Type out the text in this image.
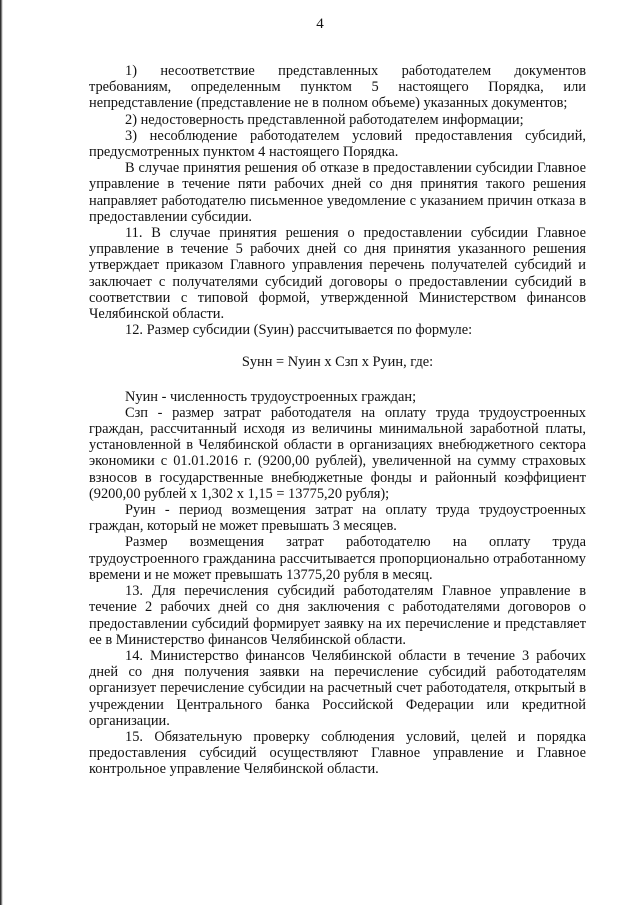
4

1) несоответствие представленных работодателем документов требованиям, определенным пунктом 5 настоящего Порядка, или непредставление (представление не в полном объеме) указанных документов;

2) недостоверность представленной работодателем информации;

3) несоблюдение работодателем условий предоставления субсидий, предусмотренных пунктом 4 настоящего Порядка.

В случае принятия решения об отказе в предоставлении субсидии Главное управление в течение пяти рабочих дней со дня принятия такого решения направляет работодателю письменное уведомление с указанием причин отказа в предоставлении субсидии.

11. В случае принятия решения о предоставлении субсидии Главное управление в течение 5 рабочих дней со дня принятия указанного решения утверждает приказом Главного управления перечень получателей субсидий и заключает с получателями субсидий договоры о предоставлении субсидий в соответствии с типовой формой, утвержденной Министерством финансов Челябинской области.

12. Размер субсидии (Syин) рассчитывается по формуле:

Syнн = Nуин х Сзп х Руин, где:

Nуин - численность трудоустроенных граждан;

Сзп - размер затрат работодателя на оплату труда трудоустроенных граждан, рассчитанный исходя из величины минимальной заработной платы, установленной в Челябинской области в организациях внебюджетного сектора экономики с 01.01.2016 г. (9200,00 рублей), увеличенной на сумму страховых взносов в государственные внебюджетные фонды и районный коэффициент (9200,00 рублей х 1,302 х 1,15 = 13775,20 рубля);

Руин - период возмещения затрат на оплату труда трудоустроенных граждан, который не может превышать 3 месяцев.

Размер возмещения затрат работодателю на оплату труда трудоустроенного гражданина рассчитывается пропорционально отработанному времени и не может превышать 13775,20 рубля в месяц.

13. Для перечисления субсидий работодателям Главное управление в течение 2 рабочих дней со дня заключения с работодателями договоров о предоставлении субсидий формирует заявку на их перечисление и представляет ее в Министерство финансов Челябинской области.

14. Министерство финансов Челябинской области в течение 3 рабочих дней со дня получения заявки на перечисление субсидий работодателям организует перечисление субсидии на расчетный счет работодателя, открытый в учреждении Центрального банка Российской Федерации или кредитной организации.

15. Обязательную проверку соблюдения условий, целей и порядка предоставления субсидий осуществляют Главное управление и Главное контрольное управление Челябинской области.
